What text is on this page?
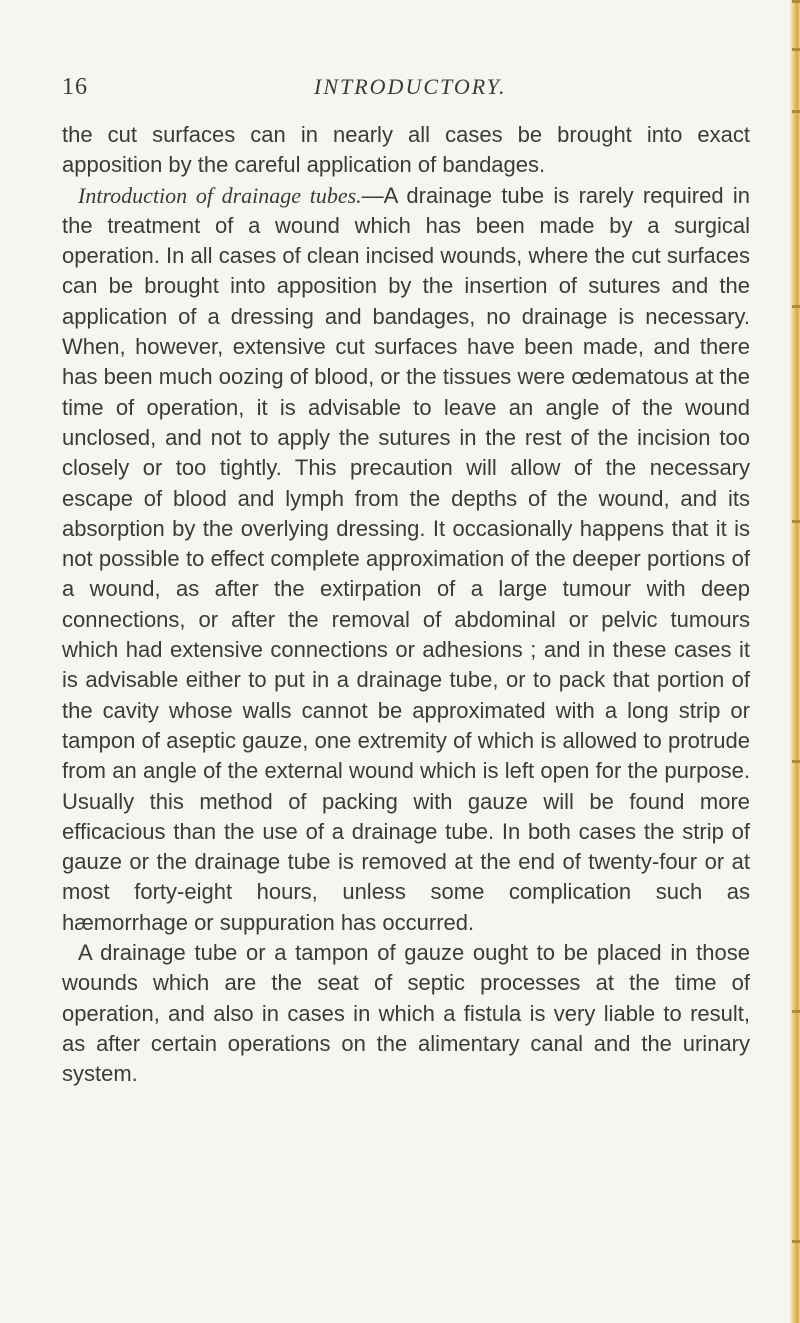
16	INTRODUCTORY.

the cut surfaces can in nearly all cases be brought into exact apposition by the careful application of bandages.

Introduction of drainage tubes.—A drainage tube is rarely required in the treatment of a wound which has been made by a surgical operation. In all cases of clean incised wounds, where the cut surfaces can be brought into apposition by the insertion of sutures and the application of a dressing and bandages, no drainage is necessary. When, however, extensive cut surfaces have been made, and there has been much oozing of blood, or the tissues were œdematous at the time of operation, it is advisable to leave an angle of the wound unclosed, and not to apply the sutures in the rest of the incision too closely or too tightly. This precaution will allow of the necessary escape of blood and lymph from the depths of the wound, and its absorption by the overlying dressing. It occasionally happens that it is not possible to effect complete approximation of the deeper portions of a wound, as after the extirpation of a large tumour with deep connections, or after the removal of abdominal or pelvic tumours which had extensive connections or adhesions ; and in these cases it is advisable either to put in a drainage tube, or to pack that portion of the cavity whose walls cannot be approximated with a long strip or tampon of aseptic gauze, one extremity of which is allowed to protrude from an angle of the external wound which is left open for the purpose. Usually this method of packing with gauze will be found more efficacious than the use of a drainage tube. In both cases the strip of gauze or the drainage tube is removed at the end of twenty-four or at most forty-eight hours, unless some complication such as hæmorrhage or suppuration has occurred.

A drainage tube or a tampon of gauze ought to be placed in those wounds which are the seat of septic processes at the time of operation, and also in cases in which a fistula is very liable to result, as after certain operations on the alimentary canal and the urinary system.
